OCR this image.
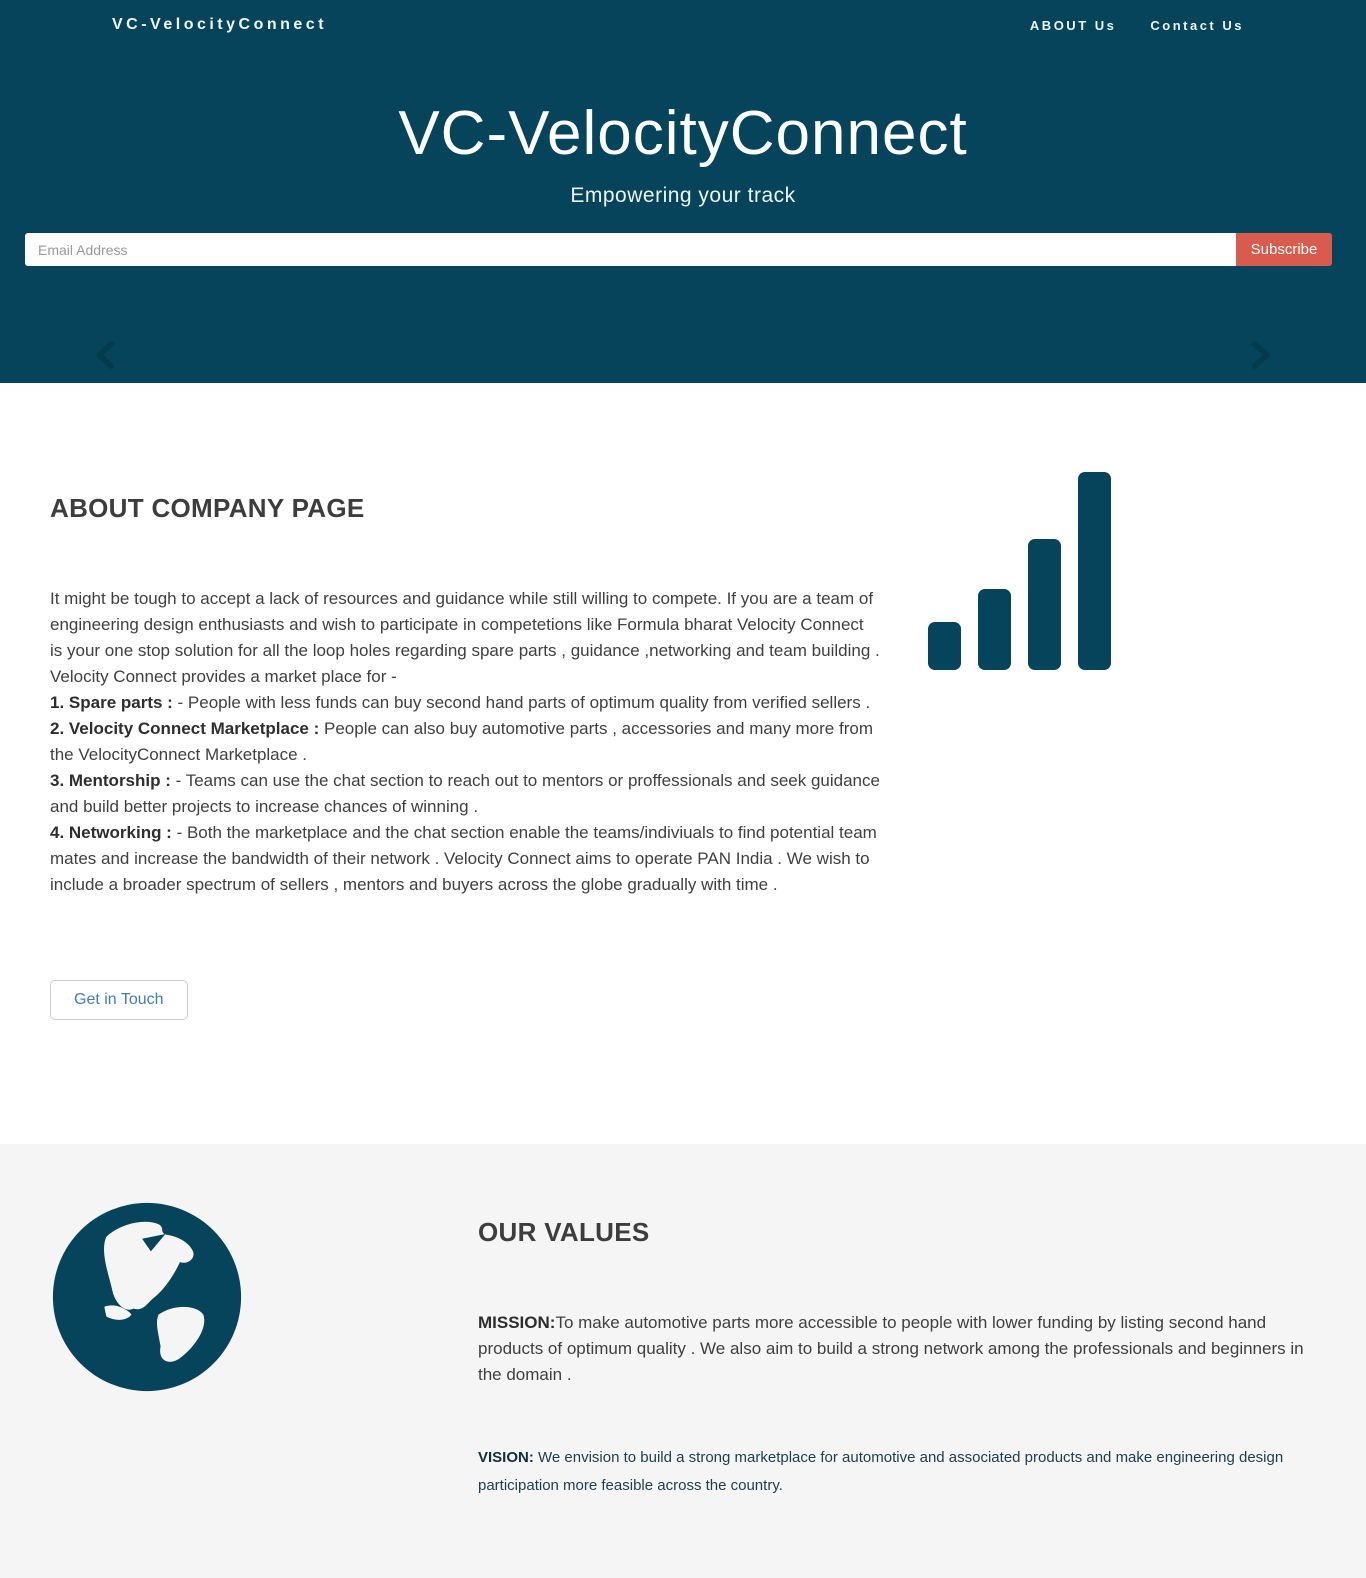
VC-VelocityConnect	ABOUT Us	Contact Us
VC-VelocityConnect
Empowering your track
Email Address
Subscribe
ABOUT COMPANY PAGE
It might be tough to accept a lack of resources and guidance while still willing to compete. If you are a team of engineering design enthusiasts and wish to participate in competetions like Formula bharat Velocity Connect is your one stop solution for all the loop holes regarding spare parts , guidance ,networking and team building . Velocity Connect provides a market place for -
1. Spare parts : - People with less funds can buy second hand parts of optimum quality from verified sellers .
2. Velocity Connect Marketplace : People can also buy automotive parts , accessories and many more from the VelocityConnect Marketplace .
3. Mentorship : - Teams can use the chat section to reach out to mentors or proffessionals and seek guidance and build better projects to increase chances of winning .
4. Networking : - Both the marketplace and the chat section enable the teams/indiviuals to find potential team mates and increase the bandwidth of their network . Velocity Connect aims to operate PAN India . We wish to include a broader spectrum of sellers , mentors and buyers across the globe gradually with time .
Get in Touch
OUR VALUES

MISSION:To make automotive parts more accessible to people with lower funding by listing second hand products of optimum quality . We also aim to build a strong network among the professionals and beginners in the domain .

VISION: We envision to build a strong marketplace for automotive and associated products and make engineering design participation more feasible across the country.
